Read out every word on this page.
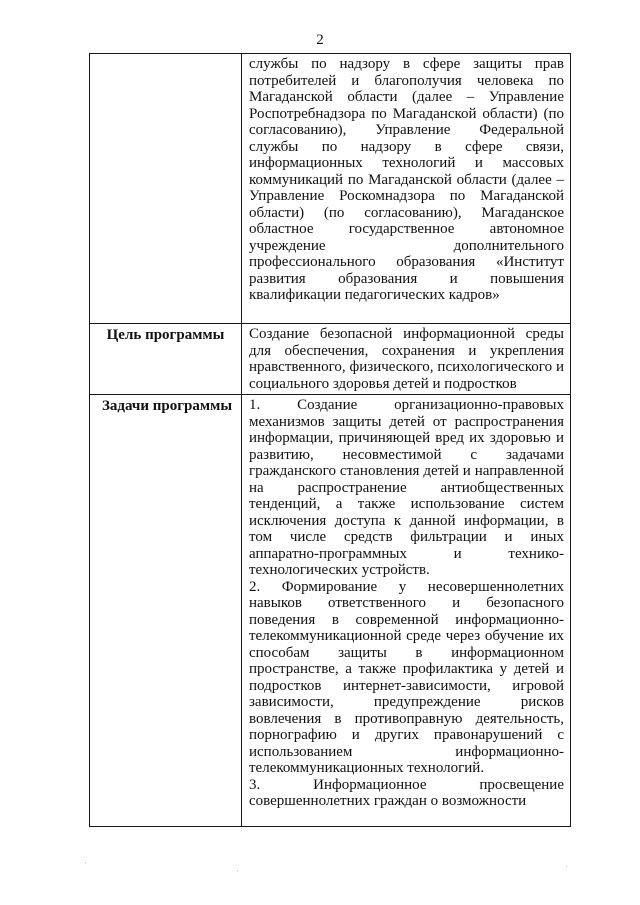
2

	службы по надзору в сфере защиты прав потребителей и благополучия человека по Магаданской области (далее – Управление Роспотребнадзора по Магаданской области) (по согласованию), Управление Федеральной службы по надзору в сфере связи, информационных технологий и массовых коммуникаций по Магаданской области (далее – Управление Роскомнадзора по Магаданской области) (по согласованию), Магаданское областное государственное автономное учреждение дополнительного профессионального образования «Институт развития образования и повышения квалификации педагогических кадров»

Цель программы	Создание безопасной информационной среды для обеспечения, сохранения и укрепления нравственного, физического, психологического и социального здоровья детей и подростков

Задачи программы	1. Создание организационно-правовых механизмов защиты детей от распространения информации, причиняющей вред их здоровью и развитию, несовместимой с задачами гражданского становления детей и направленной на распространение антиобщественных тенденций, а также использование систем исключения доступа к данной информации, в том числе средств фильтрации и иных аппаратно-программных и технико-технологических устройств.

2. Формирование у несовершеннолетних навыков ответственного и безопасного поведения в современной информационно-телекоммуникационной среде через обучение их способам защиты в информационном пространстве, а также профилактика у детей и подростков интернет-зависимости, игровой зависимости, предупреждение рисков вовлечения в противоправную деятельность, порнографию и других правонарушений с использованием информационно-телекоммуникационных технологий.

3. Информационное просвещение совершеннолетних граждан о возможности
